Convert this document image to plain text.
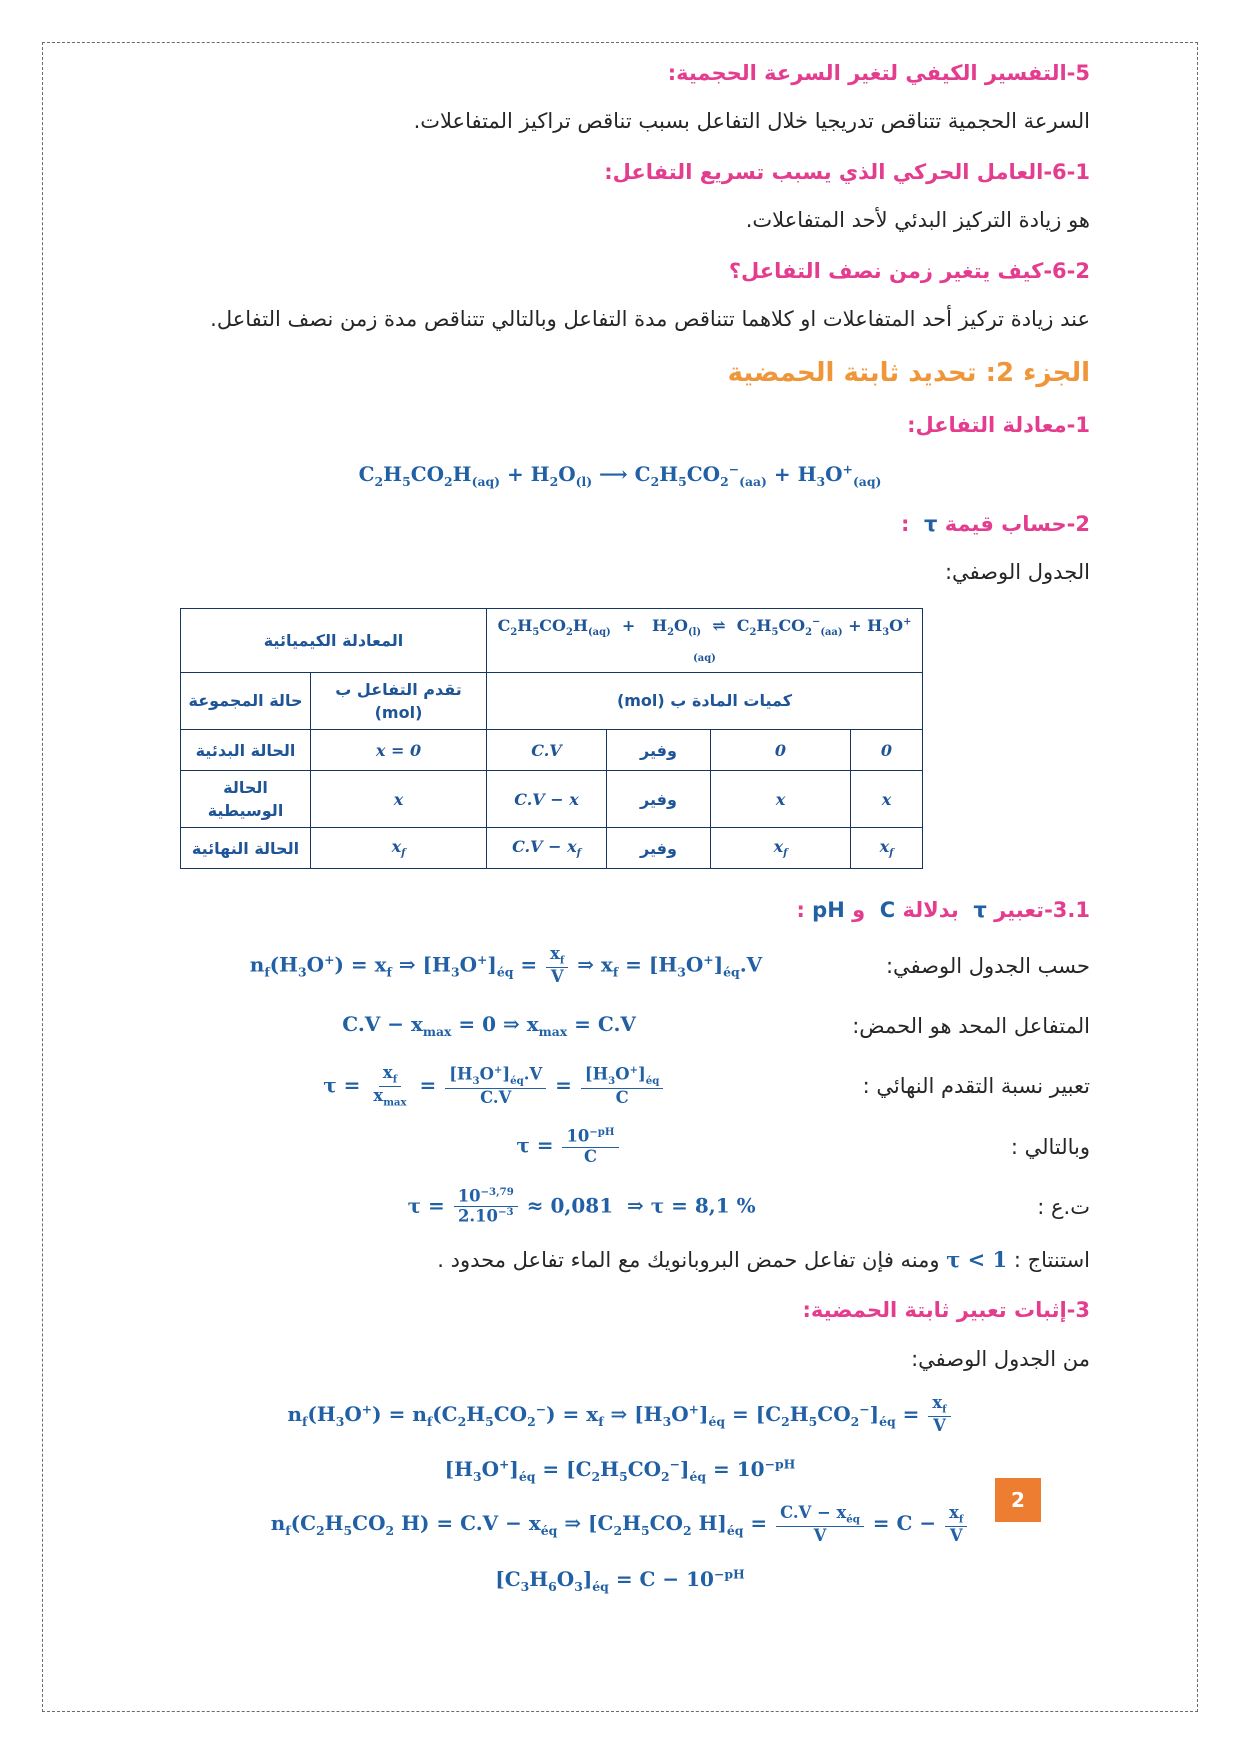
5-التفسير الكيفي لتغير السرعة الحجمية:

السرعة الحجمية تتناقص تدريجيا خلال التفاعل بسبب تناقص تراكيز المتفاعلات.

6-1-العامل الحركي الذي يسبب تسريع التفاعل:

هو زيادة التركيز البدئي لأحد المتفاعلات.

6-2-كيف يتغير زمن نصف التفاعل؟

عند زيادة تركيز أحد المتفاعلات او كلاهما تتناقص مدة التفاعل وبالتالي تتناقص مدة زمن نصف التفاعل.

الجزء 2: تحديد ثابتة الحمضية
1-معادلة التفاعل:

$C_2H_5CO_2H_{(aq)} + H_2O_{(l)}$ ⟶ $C_2H_5CO_2^-_{(aa)} + H_3O^+_{(aq)}$

2-حساب قيمة τ  :

الجدول الوصفي:

المعادلة الكيميائية		$C_2H_5CO_2H_{(aq)} + H_2O_{(l)}$  ⇌  $C_2H_5CO_2^-_{(aa)} + H_3O^+_{(aq)}$
حالة المجموعة	تقدم التفاعل ب (mol)	كميات المادة ب (mol)			
الحالة البدئية	x = 0	C.V	وفير	0	0
الحالة الوسيطية	x	C.V − x	وفير	x	x
الحالة النهائية	$x_f$	$C.V - x_f$	وفير	$x_f$	$x_f$
3.1-تعبير τ  بدلالة C  و pH :
حسب الجدول الوصفي:
$n_f(H_3O^+) = x_f$ ⇒ $[H_3O^+]_{éq} = \frac{x_f}{V}$ ⇒ $x_f = [H_3O^+]_{éq}.V$
المتفاعل المحد هو الحمض:
$C.V - x_{max} = 0$ ⇒ $x_{max} = C.V$
تعبير نسبة التقدم النهائي :
$\tau = \frac{x_f}{x_{max}} = \frac{[H_3O^+]_{éq}.V}{C.V} = \frac{[H_3O^+]_{éq}}{C}$
وبالتالي :
$\tau = \frac{10^{-pH}}{C}$
ت.ع :
$\tau = \frac{10^{-3,79}}{2.10^{-3}} \approx 0,081$  ⇒ τ = 8,1 %

استنتاج : τ < 1 ومنه فإن تفاعل حمض البروبانويك مع الماء تفاعل محدود .

3-إثبات تعبير ثابتة الحمضية:

من الجدول الوصفي:

$n_f(H_3O^+) = n_f(C_2H_5CO_2^-) = x_f$ ⇒ $[H_3O^+]_{éq} = [C_2H_5CO_2^-]_{éq} = \frac{x_f}{V}$

$[H_3O^+]_{éq} = [C_2H_5CO_2^-]_{éq} = 10^{-pH}$

$n_f(C_2H_5CO_2$ $H) = C.V - x_{éq}$ ⇒ [$C_2H_5CO_2$ $H]_{éq} = \frac{C.V - x_{éq}}{V} = C - \frac{x_f}{V}$

$[C_3H_6O_3]_{éq} = C - 10^{-pH}$

2
